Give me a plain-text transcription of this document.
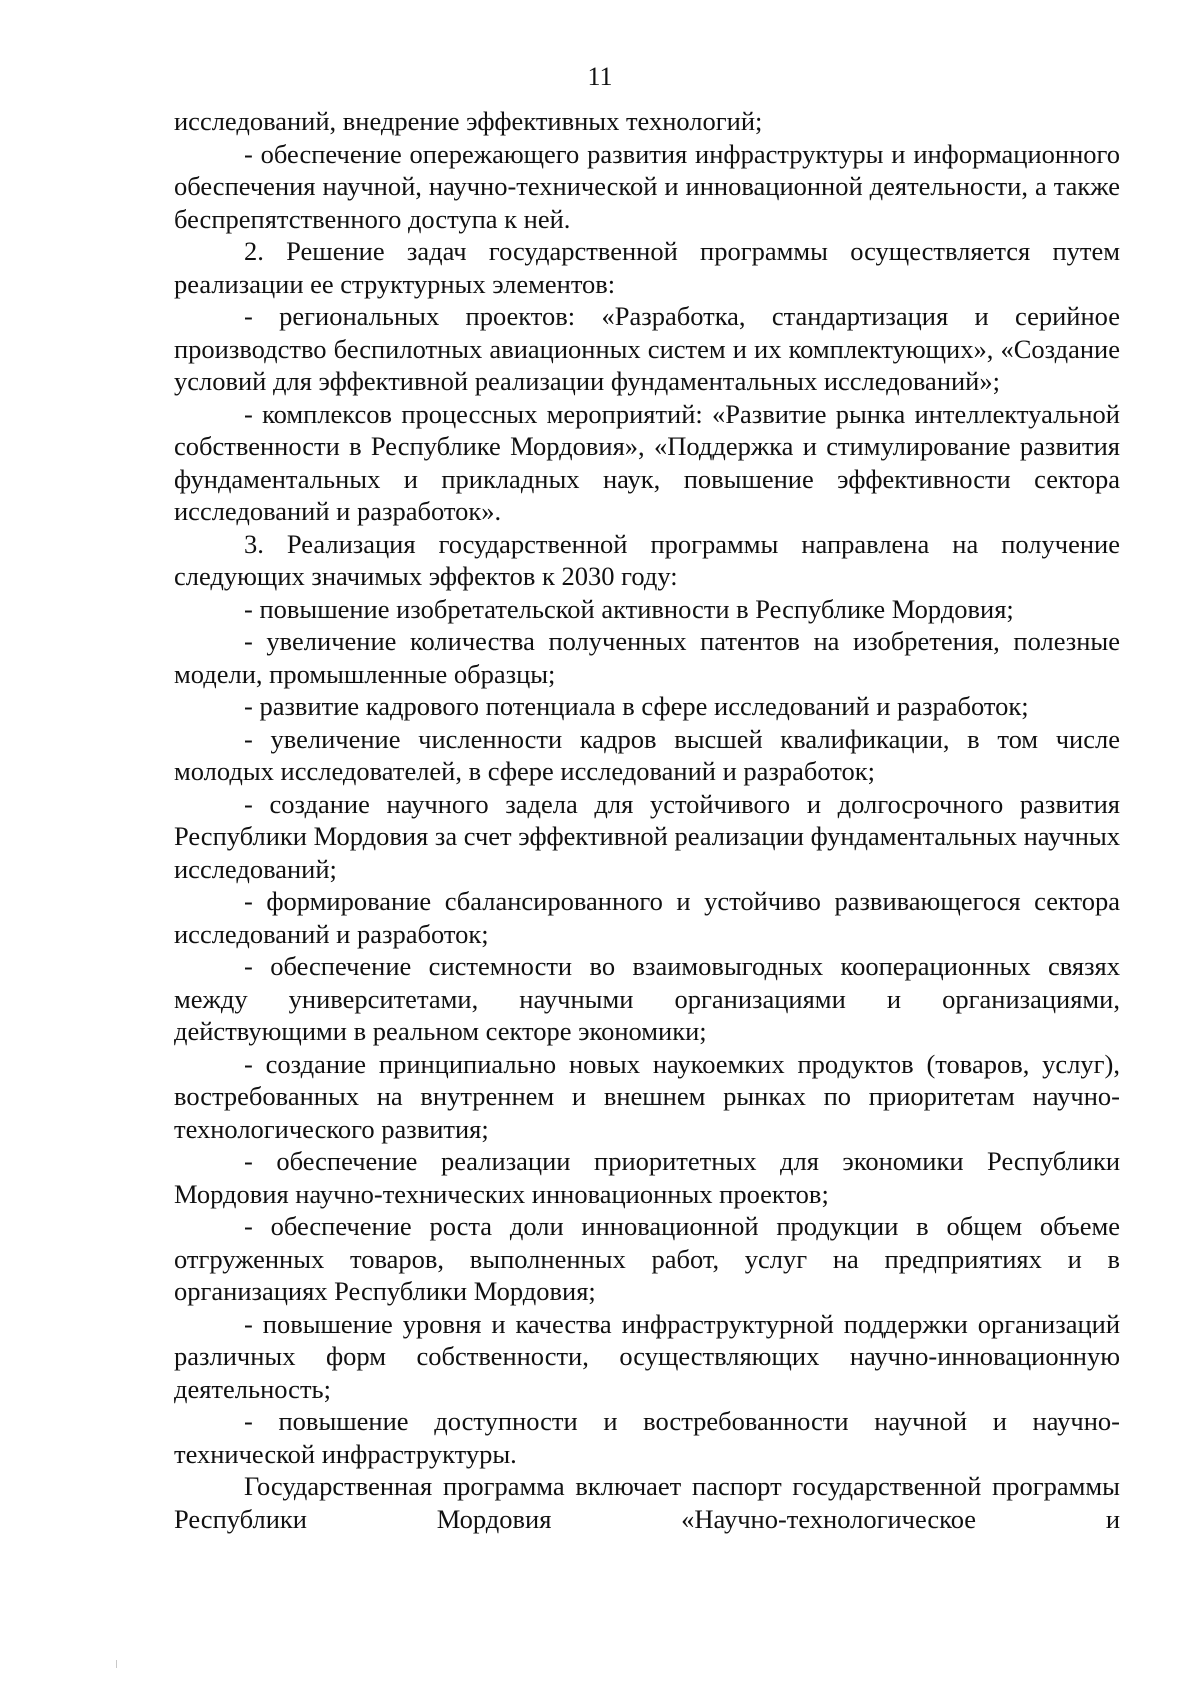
11

исследований, внедрение эффективных технологий;

- обеспечение опережающего развития инфраструктуры и информационного обеспечения научной, научно-технической и инновационной деятельности, а также беспрепятственного доступа к ней.

2. Решение задач государственной программы осуществляется путем реализации ее структурных элементов:

- региональных проектов: «Разработка, стандартизация и серийное производство беспилотных авиационных систем и их комплектующих», «Создание условий для эффективной реализации фундаментальных исследований»;

- комплексов процессных мероприятий: «Развитие рынка интеллектуальной собственности в Республике Мордовия», «Поддержка и стимулирование развития фундаментальных и прикладных наук, повышение эффективности сектора исследований и разработок».

3. Реализация государственной программы направлена на получение следующих значимых эффектов к 2030 году:

- повышение изобретательской активности в Республике Мордовия;

- увеличение количества полученных патентов на изобретения, полезные модели, промышленные образцы;

- развитие кадрового потенциала в сфере исследований и разработок;

- увеличение численности кадров высшей квалификации, в том числе молодых исследователей, в сфере исследований и разработок;

- создание научного задела для устойчивого и долгосрочного развития Республики Мордовия за счет эффективной реализации фундаментальных научных исследований;

- формирование сбалансированного и устойчиво развивающегося сектора исследований и разработок;

- обеспечение системности во взаимовыгодных кооперационных связях между университетами, научными организациями и организациями, действующими в реальном секторе экономики;

- создание принципиально новых наукоемких продуктов (товаров, услуг), востребованных на внутреннем и внешнем рынках по приоритетам научно-технологического развития;

- обеспечение реализации приоритетных для экономики Республики Мордовия научно-технических инновационных проектов;

- обеспечение роста доли инновационной продукции в общем объеме отгруженных товаров, выполненных работ, услуг на предприятиях и в организациях Республики Мордовия;

- повышение уровня и качества инфраструктурной поддержки организаций различных форм собственности, осуществляющих научно-инновационную деятельность;

- повышение доступности и востребованности научной и научно-технической инфраструктуры.

Государственная программа включает паспорт государственной программы Республики Мордовия «Научно-технологическое и
